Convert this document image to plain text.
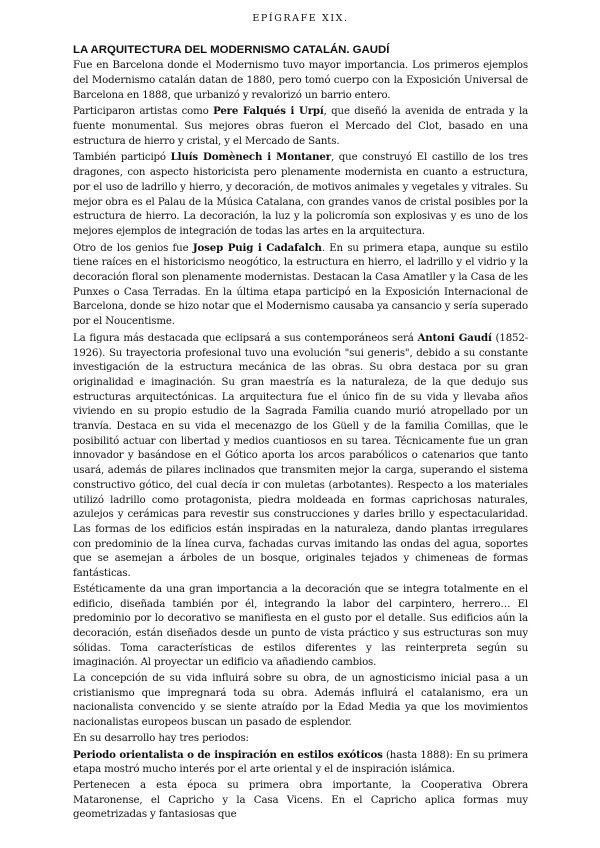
EPÍGRAFE XIX.
LA ARQUITECTURA DEL MODERNISMO CATALÁN. GAUDÍ

Fue en Barcelona donde el Modernismo tuvo mayor importancia. Los primeros ejemplos del Modernismo catalán datan de 1880, pero tomó cuerpo con la Exposición Universal de Barcelona en 1888, que urbanizó y revalorizó un barrio entero.

Participaron artistas como Pere Falqués i Urpí, que diseñó la avenida de entrada y la fuente monumental. Sus mejores obras fueron el Mercado del Clot, basado en una estructura de hierro y cristal, y el Mercado de Sants.

También participó Lluís Domènech i Montaner, que construyó El castillo de los tres dragones, con aspecto historicista pero plenamente modernista en cuanto a estructura, por el uso de ladrillo y hierro, y decoración, de motivos animales y vegetales y vitrales. Su mejor obra es el Palau de la Música Catalana, con grandes vanos de cristal posibles por la estructura de hierro. La decoración, la luz y la policromía son explosivas y es uno de los mejores ejemplos de integración de todas las artes en la arquitectura.

Otro de los genios fue Josep Puig i Cadafalch. En su primera etapa, aunque su estilo tiene raíces en el historicismo neogótico, la estructura en hierro, el ladrillo y el vidrio y la decoración floral son plenamente modernistas. Destacan la Casa Amatller y la Casa de les Punxes o Casa Terradas. En la última etapa participó en la Exposición Internacional de Barcelona, donde se hizo notar que el Modernismo causaba ya cansancio y sería superado por el Noucentisme.

La figura más destacada que eclipsará a sus contemporáneos será Antoni Gaudí (1852-1926). Su trayectoria profesional tuvo una evolución "sui generis", debido a su constante investigación de la estructura mecánica de las obras. Su obra destaca por su gran originalidad e imaginación. Su gran maestría es la naturaleza, de la que dedujo sus estructuras arquitectónicas. La arquitectura fue el único fin de su vida y llevaba años viviendo en su propio estudio de la Sagrada Familia cuando murió atropellado por un tranvía. Destaca en su vida el mecenazgo de los Güell y de la familia Comillas, que le posibilitó actuar con libertad y medios cuantiosos en su tarea. Técnicamente fue un gran innovador y basándose en el Gótico aporta los arcos parabólicos o catenarios que tanto usará, además de pilares inclinados que transmiten mejor la carga, superando el sistema constructivo gótico, del cual decía ir con muletas (arbotantes). Respecto a los materiales utilizó ladrillo como protagonista, piedra moldeada en formas caprichosas naturales, azulejos y cerámicas para revestir sus construcciones y darles brillo y espectacularidad. Las formas de los edificios están inspiradas en la naturaleza, dando plantas irregulares con predominio de la línea curva, fachadas curvas imitando las ondas del agua, soportes que se asemejan a árboles de un bosque, originales tejados y chimeneas de formas fantásticas.

Estéticamente da una gran importancia a la decoración que se integra totalmente en el edificio, diseñada también por él, integrando la labor del carpintero, herrero… El predominio por lo decorativo se manifiesta en el gusto por el detalle. Sus edificios aún la decoración, están diseñados desde un punto de vista práctico y sus estructuras son muy sólidas. Toma características de estilos diferentes y las reinterpreta según su imaginación. Al proyectar un edificio va añadiendo cambios.

La concepción de su vida influirá sobre su obra, de un agnosticismo inicial pasa a un cristianismo que impregnará toda su obra. Además influirá el catalanismo, era un nacionalista convencido y se siente atraído por la Edad Media ya que los movimientos nacionalistas europeos buscan un pasado de esplendor.

En su desarrollo hay tres periodos:

Periodo orientalista o de inspiración en estilos exóticos (hasta 1888): En su primera etapa mostró mucho interés por el arte oriental y el de inspiración islámica.

Pertenecen a esta época su primera obra importante, la Cooperativa Obrera Mataronense, el Capricho y la Casa Vicens. En el Capricho aplica formas muy geometrizadas y fantasiosas que
